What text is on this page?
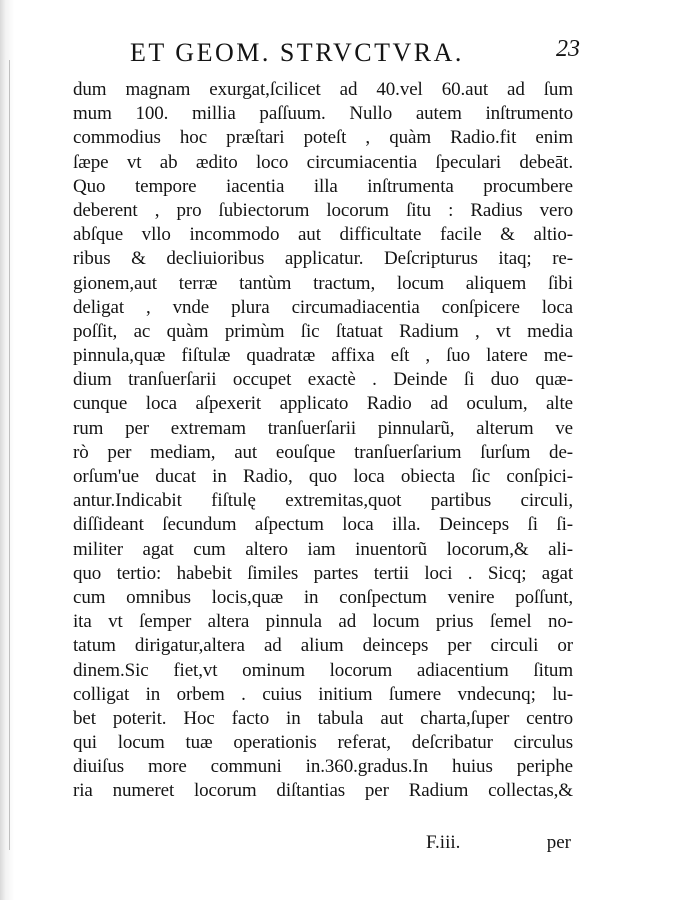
ET GEOM. STRVCTVRA.	23
dum magnam exurgat,ſcilicet ad 40.vel 60.aut ad ſum
mum 100. millia paſſuum. Nullo autem inſtrumento
commodius hoc præſtari poteſt , quàm Radio.fit enim
ſæpe vt ab ædito loco circumiacentia ſpeculari debeāt.
Quo tempore iacentia illa inſtrumenta procumbere
deberent , pro ſubiectorum locorum ſitu : Radius vero
abſque vllo incommodo aut difficultate facile & altio-
ribus & decliuioribus applicatur. Deſcripturus itaq; re-
gionem,aut terræ tantùm tractum, locum aliquem ſibi
deligat , vnde plura circumadiacentia conſpicere loca
poſſit, ac quàm primùm ſic ſtatuat Radium , vt media
pinnula,quæ fiſtulæ quadratæ affixa eſt , ſuo latere me-
dium tranſuerſarii occupet exactè . Deinde ſi duo quæ-
cunque loca aſpexerit applicato Radio ad oculum, alte
rum per extremam tranſuerſarii pinnularũ, alterum ve
rò per mediam, aut eouſque tranſuerſarium ſurſum de-
orſum'ue ducat in Radio, quo loca obiecta ſic conſpici-
antur.Indicabit fiſtulę extremitas,quot partibus circuli,
diſſideant ſecundum aſpectum loca illa. Deinceps ſi ſi-
militer agat cum altero iam inuentorũ locorum,& ali-
quo tertio: habebit ſimiles partes tertii loci . Sicq; agat
cum omnibus locis,quæ in conſpectum venire poſſunt,
ita vt ſemper altera pinnula ad locum prius ſemel no-
tatum dirigatur,altera ad alium deinceps per circuli or
dinem.Sic fiet,vt ominum locorum adiacentium ſitum
colligat in orbem . cuius initium ſumere vndecunq; lu-
bet poterit. Hoc facto in tabula aut charta,ſuper centro
qui locum tuæ operationis referat, deſcribatur circulus
diuiſus more communi in.360.gradus.In huius periphe
ria numeret locorum diſtantias per Radium collectas,&
F.iii.	per
